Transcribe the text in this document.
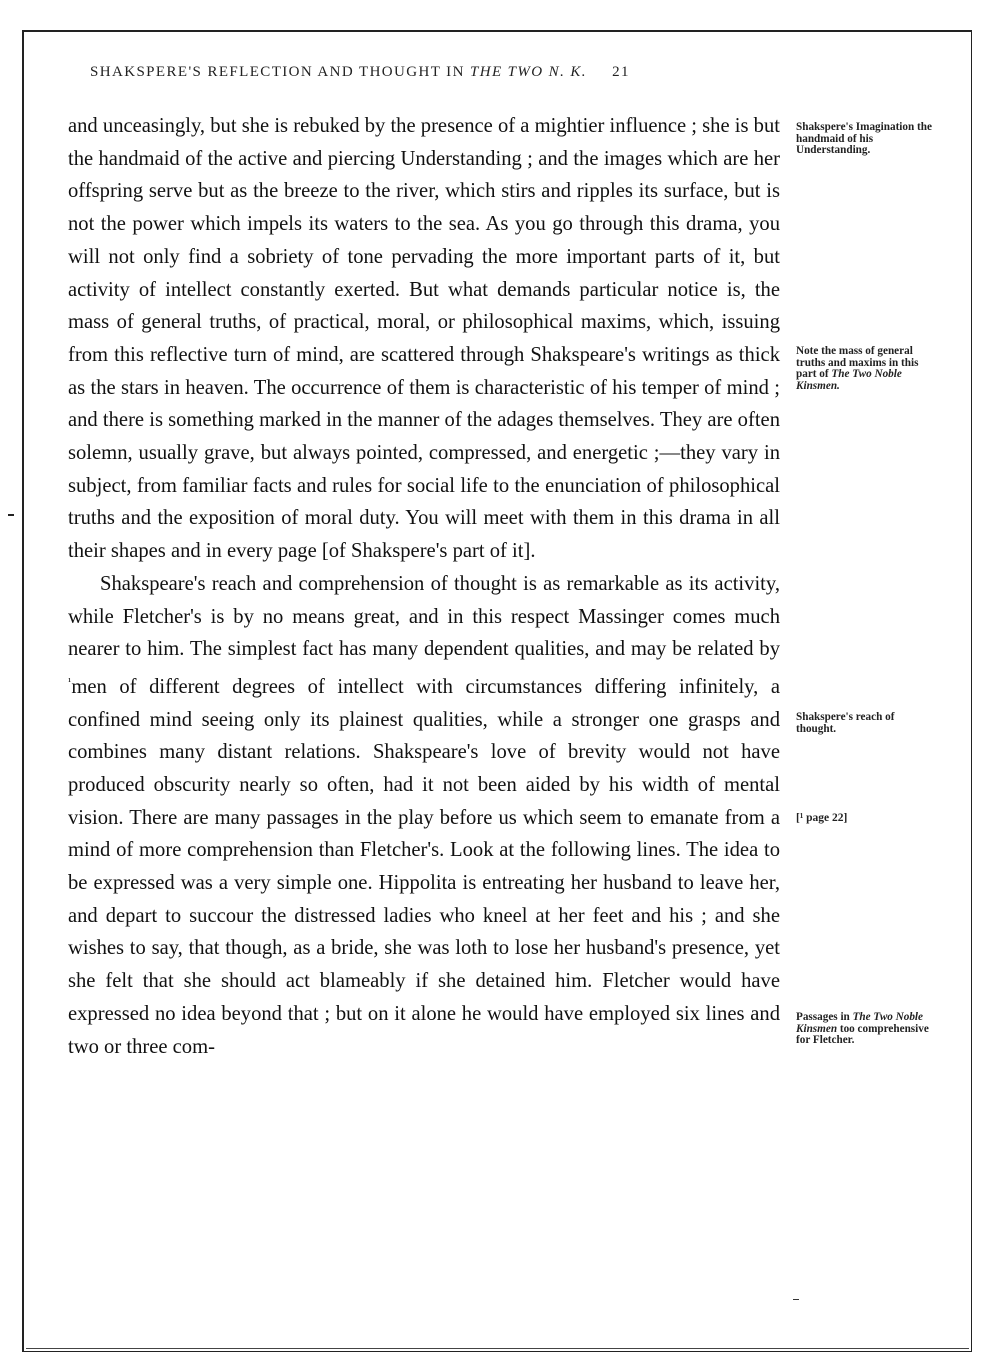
SHAKSPERE'S REFLECTION AND THOUGHT IN THE TWO N. K. 21

and unceasingly, but she is rebuked by the presence of a mightier influence ; she is but the handmaid of the active and piercing Understanding ; and the images which are her offspring serve but as the breeze to the river, which stirs and ripples its surface, but is not the power which impels its waters to the sea. As you go through this drama, you will not only find a sobriety of tone pervading the more important parts of it, but activity of intellect constantly exerted. But what demands particular notice is, the mass of general truths, of practical, moral, or philosophical maxims, which, issuing from this reflective turn of mind, are scattered through Shakspeare's writings as thick as the stars in heaven. The occurrence of them is characteristic of his temper of mind ; and there is something marked in the manner of the adages themselves. They are often solemn, usually grave, but always pointed, compressed, and energetic ;—they vary in subject, from familiar facts and rules for social life to the enunciation of philosophical truths and the exposition of moral duty. You will meet with them in this drama in all their shapes and in every page [of Shakspere's part of it].

Shakspeare's reach and comprehension of thought is as remarkable as its activity, while Fletcher's is by no means great, and in this respect Massinger comes much nearer to him. The simplest fact has many dependent qualities, and may be related by $^{^1}$men of different degrees of intellect with circumstances differing infinitely, a confined mind seeing only its plainest qualities, while a stronger one grasps and combines many distant relations. Shakspeare's love of brevity would not have produced obscurity nearly so often, had it not been aided by his width of mental vision. There are many passages in the play before us which seem to emanate from a mind of more comprehension than Fletcher's. Look at the following lines. The idea to be expressed was a very simple one. Hippolita is entreating her husband to leave her, and depart to succour the distressed ladies who kneel at her feet and his ; and she wishes to say, that though, as a bride, she was loth to lose her husband's presence, yet she felt that she should act blameably if she detained him. Fletcher would have expressed no idea beyond that ; but on it alone he would have employed six lines and two or three com-

Shakspere's Imagination the handmaid of his Understanding.
Note the mass of general truths and maxims in this part of The Two Noble Kinsmen.
Shakspere's reach of thought.
[¹ page 22]
Passages in The Two Noble Kinsmen too comprehensive for Fletcher.
